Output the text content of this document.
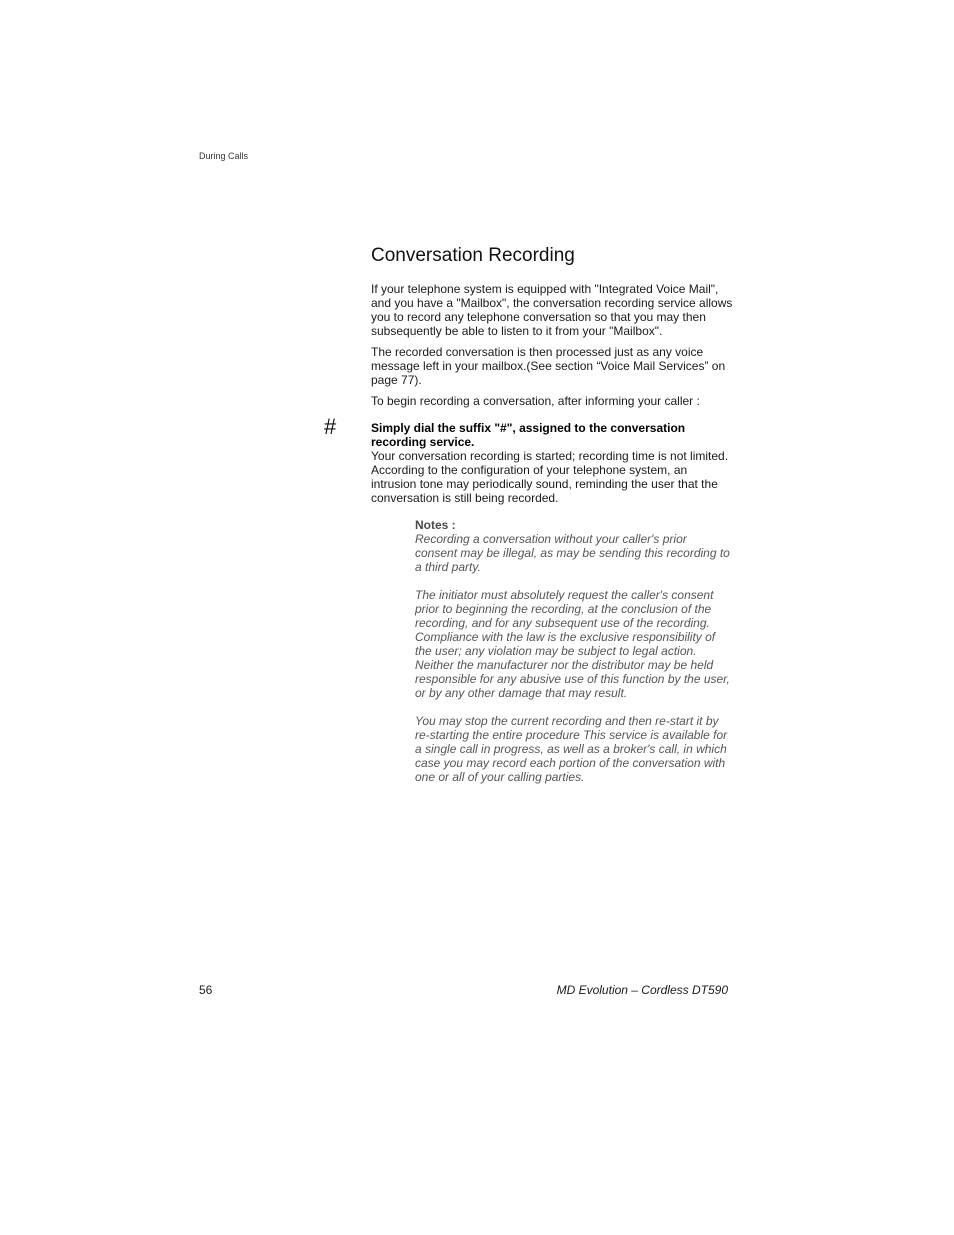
During Calls
Conversation Recording

If your telephone system is equipped with "Integrated Voice Mail", and you have a "Mailbox", the conversation recording service allows you to record any telephone conversation so that you may then subsequently be able to listen to it from your "Mailbox".

The recorded conversation is then processed just as any voice message left in your mailbox.(See section “Voice Mail Services” on page 77).

To begin recording a conversation, after informing your caller :

#	Simply dial the suffix "#", assigned to the conversation recording service.

Your conversation recording is started; recording time is not limited. According to the configuration of your telephone system, an intrusion tone may periodically sound, reminding the user that the conversation is still being recorded.

Notes :

Recording a conversation without your caller's prior consent may be illegal, as may be sending this recording to a third party.

The initiator must absolutely request the caller's consent prior to beginning the recording, at the conclusion of the recording, and for any subsequent use of the recording. Compliance with the law is the exclusive responsibility of the user; any violation may be subject to legal action. Neither the manufacturer nor the distributor may be held responsible for any abusive use of this function by the user, or by any other damage that may result.

You may stop the current recording and then re-start it by re-starting the entire procedure This service is available for a single call in progress, as well as a broker's call, in which case you may record each portion of the conversation with one or all of your calling parties.

56	MD Evolution – Cordless DT590
